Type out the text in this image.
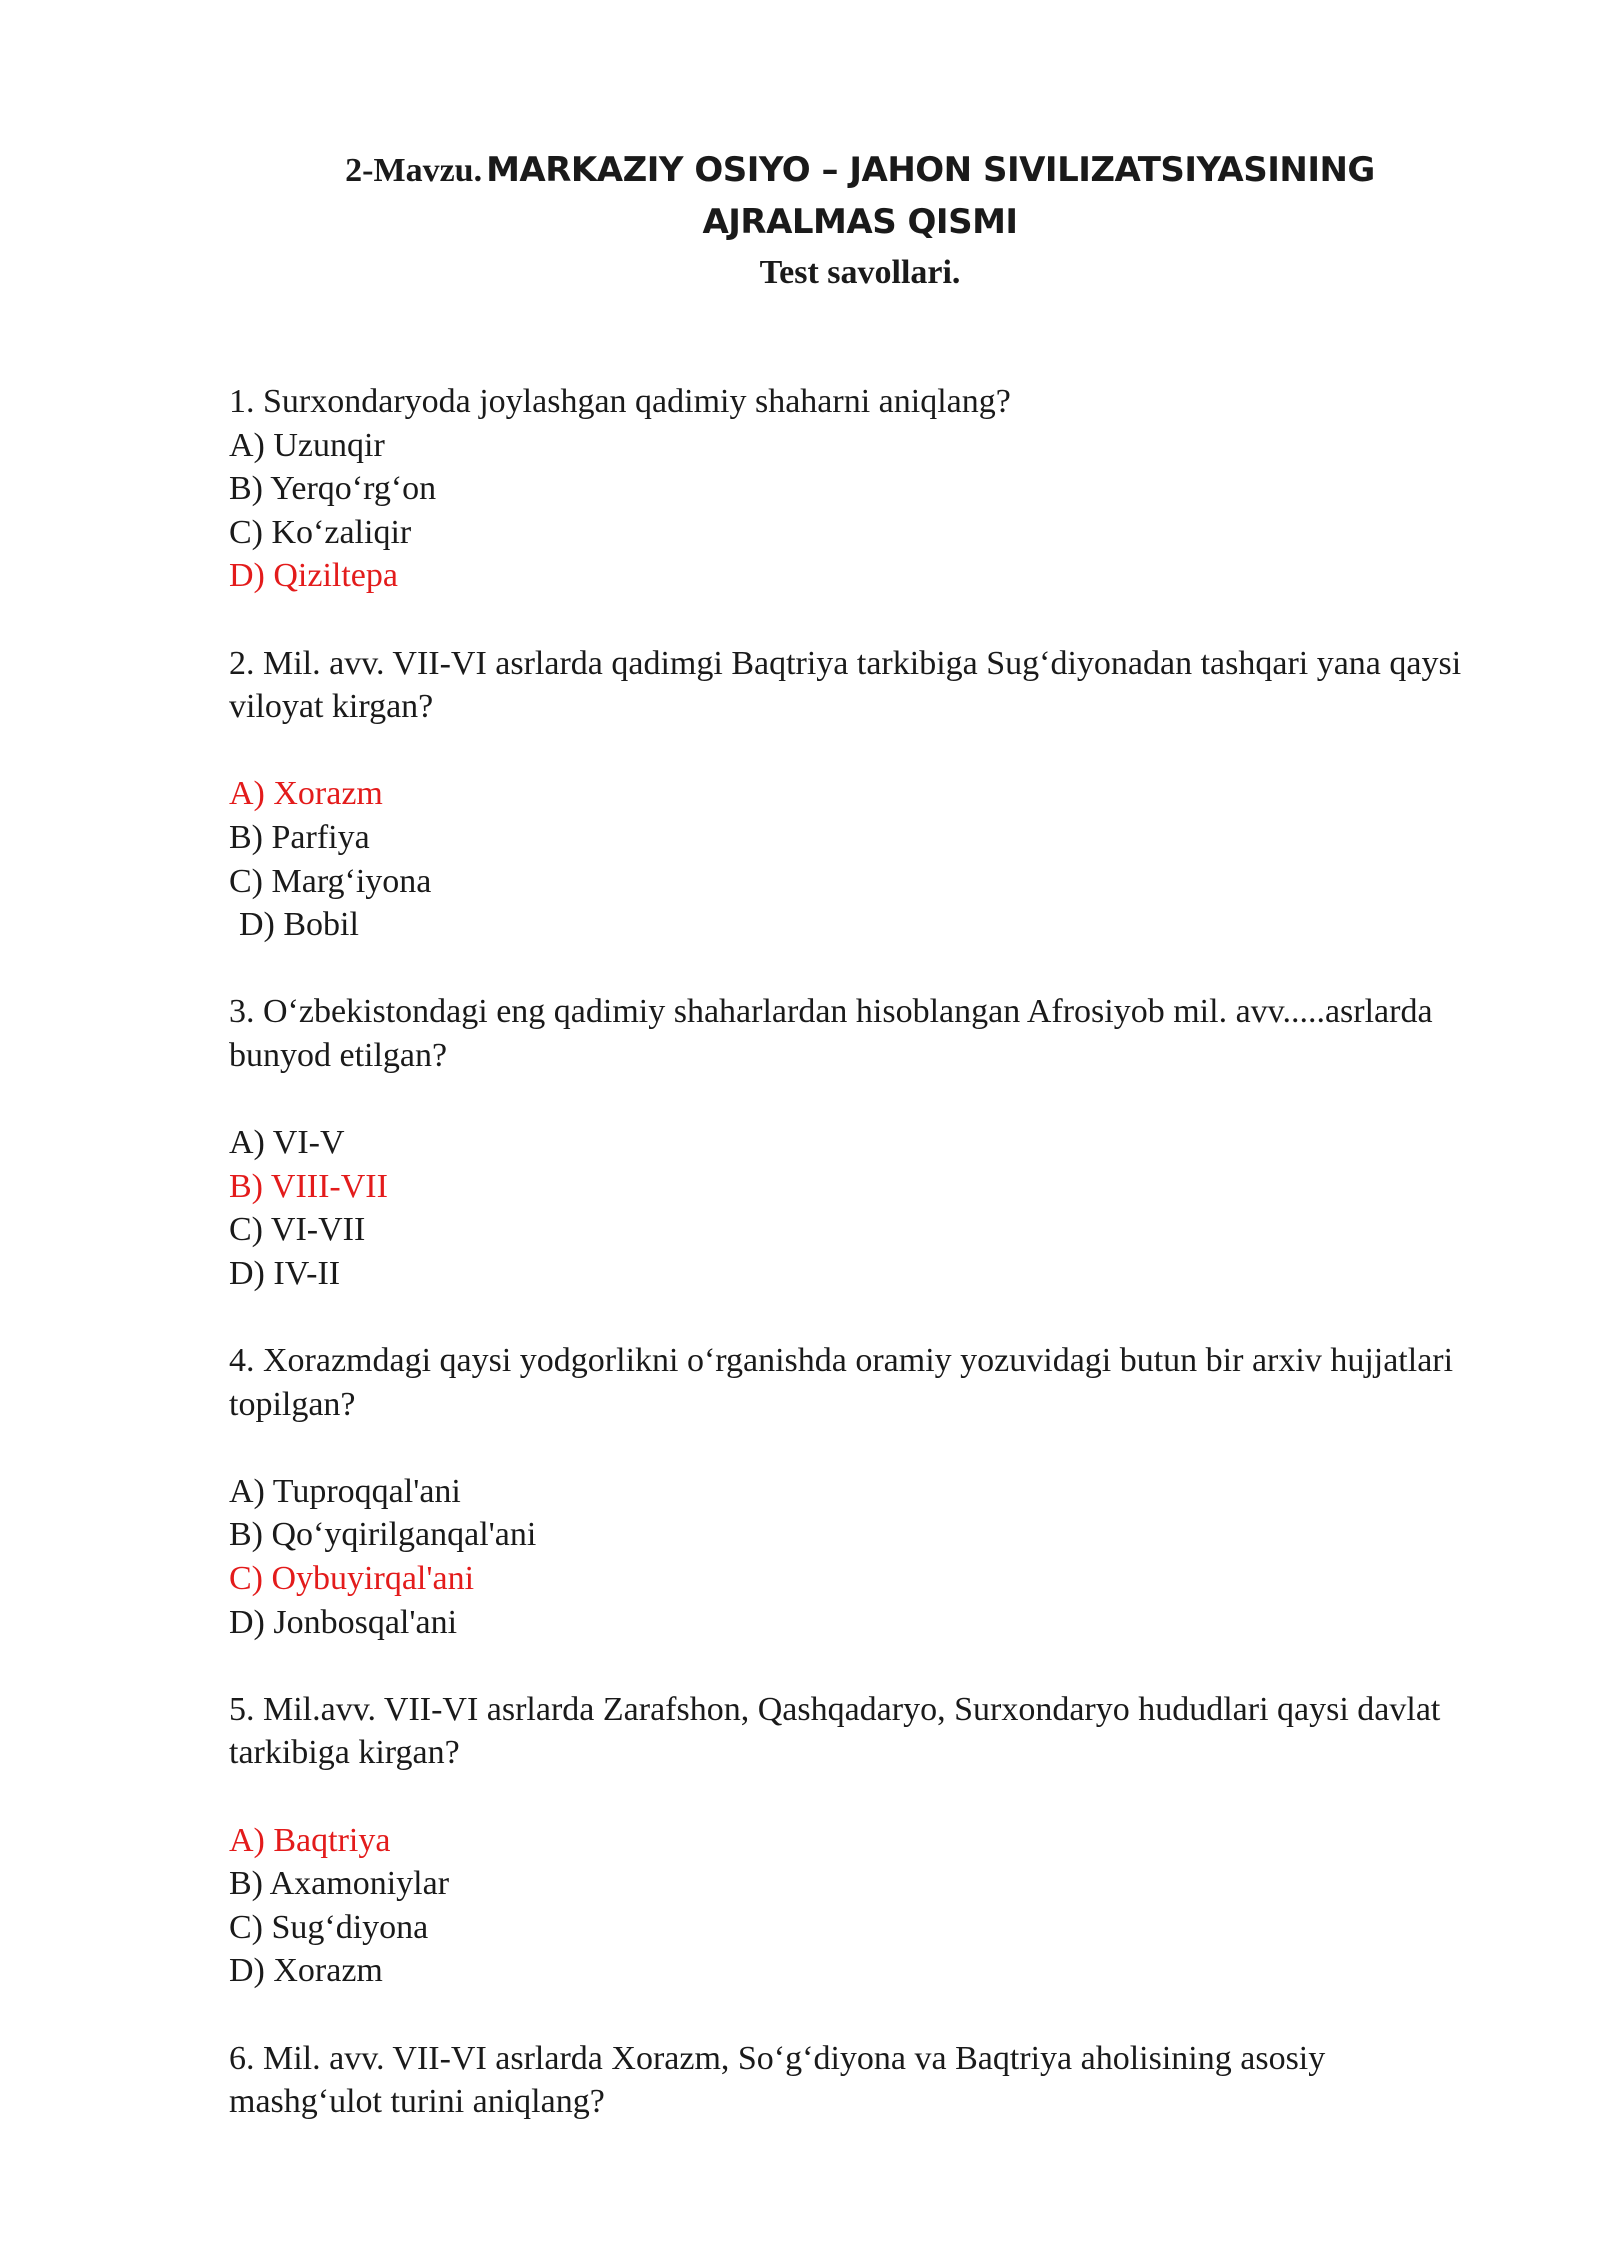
2-Mavzu. MARKAZIY OSIYO – JAHON SIVILIZATSIYASINING
AJRALMAS QISMI
Test savollari.
1. Surxondaryoda joylashgan qadimiy shaharni aniqlang?
A) Uzunqir
B) Yerqo‘rg‘on
C) Ko‘zaliqir
D) Qiziltepa
2. Mil. avv. VII-VI asrlarda qadimgi Baqtriya tarkibiga Sug‘diyonadan tashqari yana qaysi viloyat kirgan?
A) Xorazm
B) Parfiya
C) Marg‘iyona
D) Bobil
3. O‘zbekistondagi eng qadimiy shaharlardan hisoblangan Afrosiyob mil. avv.....asrlarda bunyod etilgan?
A) VI-V
B) VIII-VII
C) VI-VII
D) IV-II
4. Xorazmdagi qaysi yodgorlikni o‘rganishda oramiy yozuvidagi butun bir arxiv hujjatlari topilgan?
A) Tuproqqal'ani
B) Qo‘yqirilganqal'ani
C) Oybuyirqal'ani
D) Jonbosqal'ani
5. Mil.avv. VII-VI asrlarda Zarafshon, Qashqadaryo, Surxondaryo hududlari qaysi davlat tarkibiga kirgan?
A) Baqtriya
B) Axamoniylar
C) Sug‘diyona
D) Xorazm
6. Mil. avv. VII-VI asrlarda Xorazm, So‘g‘diyona va Baqtriya aholisining asosiy mashg‘ulot turini aniqlang?
